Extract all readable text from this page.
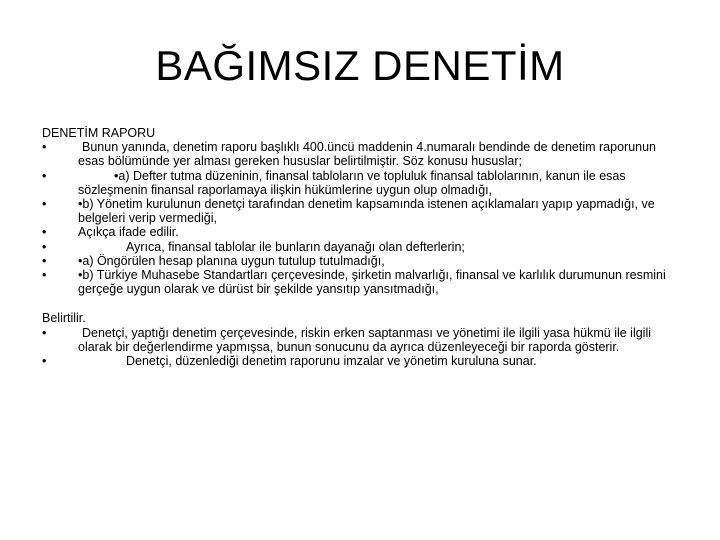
BAĞIMSIZ DENETİM

DENETİM RAPORU

•	Bunun yanında, denetim raporu başlıklı 400.üncü maddenin 4.numaralı bendinde de denetim raporunun esas bölümünde yer alması gereken hususlar belirtilmiştir. Söz konusu hususlar;

•	•a) Defter tutma düzeninin, finansal tabloların ve topluluk finansal tablolarının, kanun ile esas sözleşmenin finansal raporlamaya ilişkin hükümlerine uygun olup olmadığı,

•	•b) Yönetim kurulunun denetçi tarafından denetim kapsamında istenen açıklamaları yapıp yapmadığı, ve belgeleri verip vermediği,

•	Açıkça ifade edilir.

•	Ayrıca, finansal tablolar ile bunların dayanağı olan defterlerin;

•	•a) Öngörülen hesap planına uygun tutulup tutulmadığı,

•	•b) Türkiye Muhasebe Standartları çerçevesinde, şirketin malvarlığı, finansal ve karlılık durumunun resmini gerçeğe uygun olarak ve dürüst bir şekilde yansıtıp yansıtmadığı,

Belirtilir.

•	Denetçi, yaptığı denetim çerçevesinde, riskin erken saptanması ve yönetimi ile ilgili yasa hükmü ile ilgili olarak bir değerlendirme yapmışsa, bunun sonucunu da ayrıca düzenleyeceği bir raporda gösterir.

•	Denetçi, düzenlediği denetim raporunu imzalar ve yönetim kuruluna sunar.
